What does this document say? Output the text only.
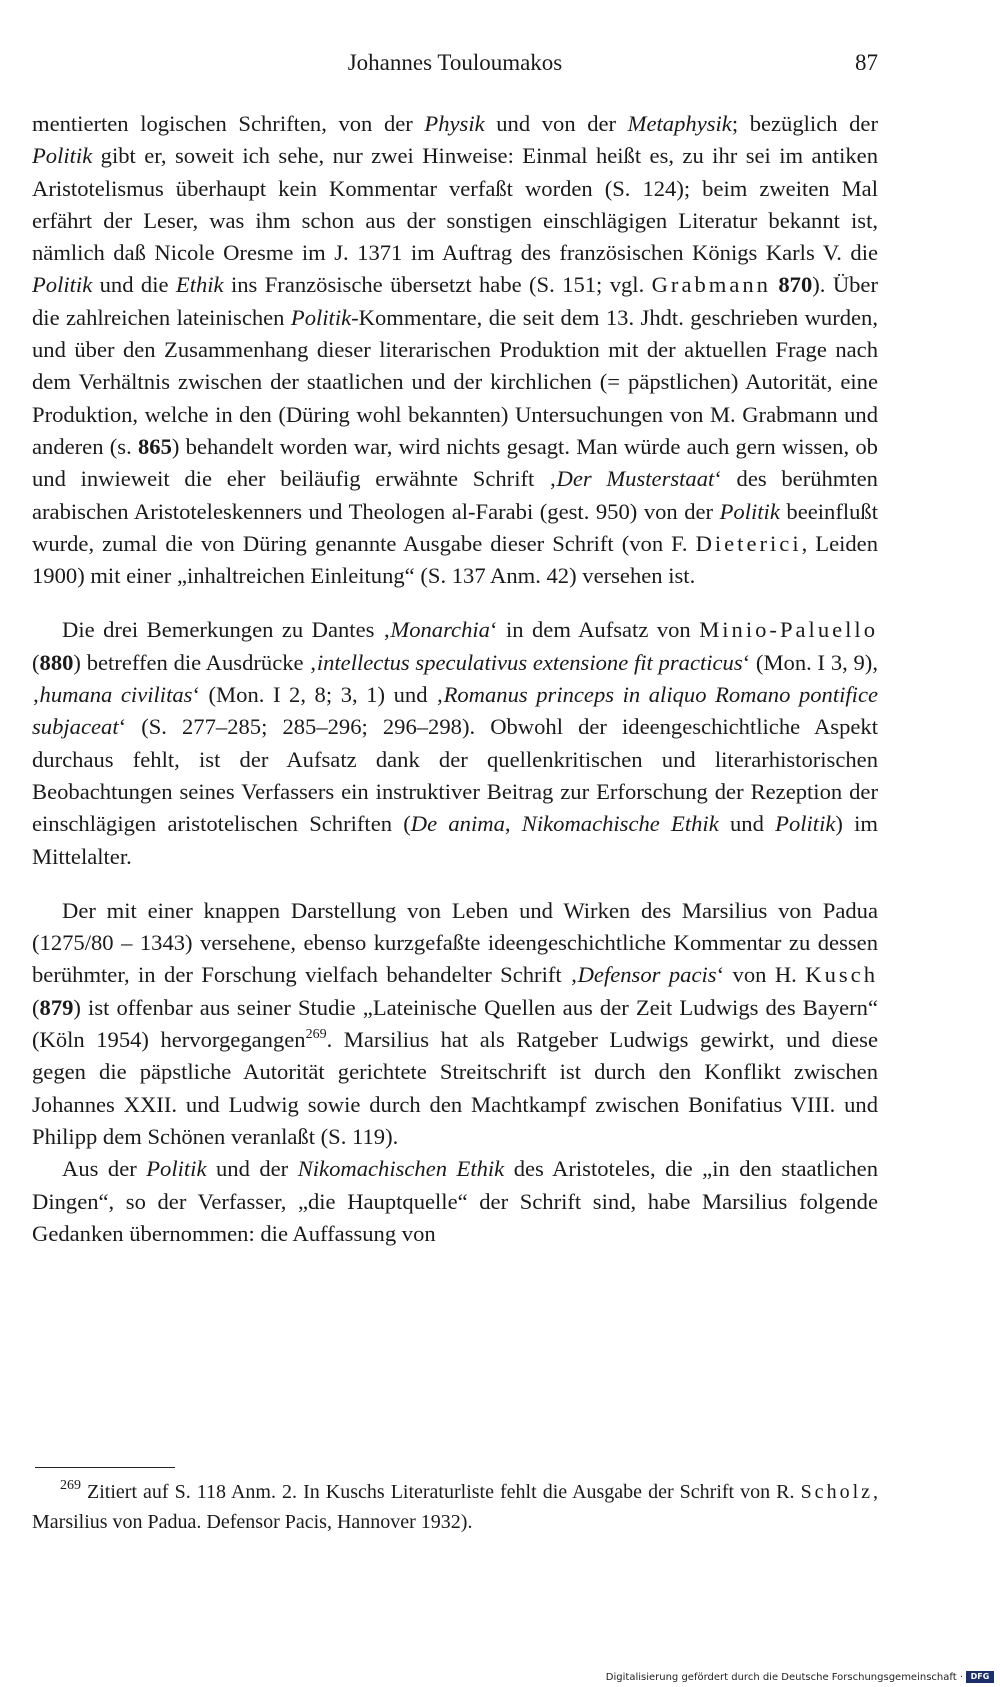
Johannes Touloumakos	87

mentierten logischen Schriften, von der Physik und von der Metaphysik; bezüglich der Politik gibt er, soweit ich sehe, nur zwei Hinweise: Einmal heißt es, zu ihr sei im antiken Aristotelismus überhaupt kein Kommentar verfaßt worden (S. 124); beim zweiten Mal erfährt der Leser, was ihm schon aus der sonstigen einschlägigen Literatur bekannt ist, nämlich daß Nicole Oresme im J. 1371 im Auftrag des französischen Königs Karls V. die Politik und die Ethik ins Französische übersetzt habe (S. 151; vgl. Grabmann 870). Über die zahlreichen lateinischen Politik-Kommentare, die seit dem 13. Jhdt. geschrieben wurden, und über den Zusammenhang dieser literarischen Produktion mit der aktuellen Frage nach dem Verhältnis zwischen der staatlichen und der kirchlichen (= päpstlichen) Autorität, eine Produktion, welche in den (Düring wohl bekannten) Untersuchungen von M. Grabmann und anderen (s. 865) behandelt worden war, wird nichts gesagt. Man würde auch gern wissen, ob und inwieweit die eher beiläufig erwähnte Schrift ‚Der Musterstaat‘ des berühmten arabischen Aristoteleskenners und Theologen al-Farabi (gest. 950) von der Politik beeinflußt wurde, zumal die von Düring genannte Ausgabe dieser Schrift (von F. Dieterici, Leiden 1900) mit einer „inhaltreichen Einleitung“ (S. 137 Anm. 42) versehen ist.

Die drei Bemerkungen zu Dantes ‚Monarchia‘ in dem Aufsatz von Minio-Paluello (880) betreffen die Ausdrücke ‚intellectus speculativus extensione fit practicus‘ (Mon. I 3, 9), ‚humana civilitas‘ (Mon. I 2, 8; 3, 1) und ‚Romanus princeps in aliquo Romano pontifice subjaceat‘ (S. 277–285; 285–296; 296–298). Obwohl der ideengeschichtliche Aspekt durchaus fehlt, ist der Aufsatz dank der quellenkritischen und literarhistorischen Beobachtungen seines Verfassers ein instruktiver Beitrag zur Erforschung der Rezeption der einschlägigen aristotelischen Schriften (De anima, Nikomachische Ethik und Politik) im Mittelalter.

Der mit einer knappen Darstellung von Leben und Wirken des Marsilius von Padua (1275/80 – 1343) versehene, ebenso kurzgefaßte ideengeschichtliche Kommentar zu dessen berühmter, in der Forschung vielfach behandelter Schrift ‚Defensor pacis‘ von H. Kusch (879) ist offenbar aus seiner Studie „Lateinische Quellen aus der Zeit Ludwigs des Bayern“ (Köln 1954) hervorgegangen$^{269}$. Marsilius hat als Ratgeber Ludwigs gewirkt, und diese gegen die päpstliche Autorität gerichtete Streitschrift ist durch den Konflikt zwischen Johannes XXII. und Ludwig sowie durch den Machtkampf zwischen Bonifatius VIII. und Philipp dem Schönen veranlaßt (S. 119).

Aus der Politik und der Nikomachischen Ethik des Aristoteles, die „in den staatlichen Dingen“, so der Verfasser, „die Hauptquelle“ der Schrift sind, habe Marsilius folgende Gedanken übernommen: die Auffassung von

$^{269}$ Zitiert auf S. 118 Anm. 2. In Kuschs Literaturliste fehlt die Ausgabe der Schrift von R. Scholz, Marsilius von Padua. Defensor Pacis, Hannover 1932).

Digitalisierung gefördert durch die Deutsche Forschungsgemeinschaft · DFG
